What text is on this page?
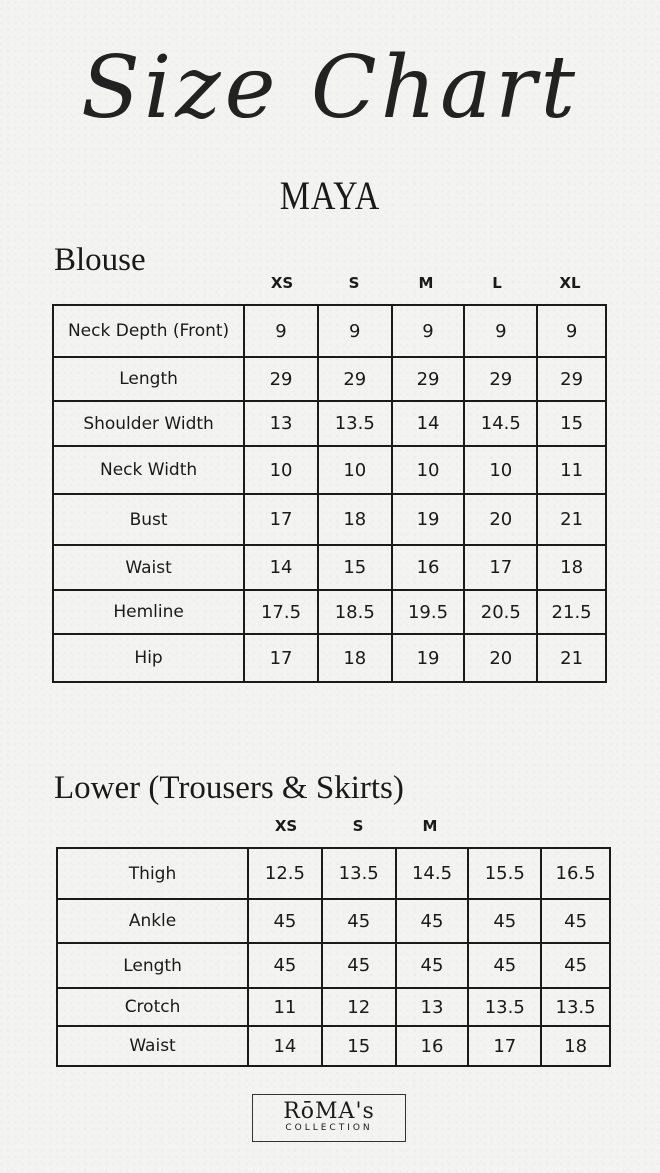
Size Chart
MAYA
Blouse
XS	S	M	L	XL
Neck Depth (Front)	9	9	9	9	9
Length	29	29	29	29	29
Shoulder Width	13	13.5	14	14.5	15
Neck Width	10	10	10	10	11
Bust	17	18	19	20	21
Waist	14	15	16	17	18
Hemline	17.5	18.5	19.5	20.5	21.5
Hip	17	18	19	20	21
Lower (Trousers & Skirts)
XS	S	M
Thigh	12.5	13.5	14.5	15.5	16.5
Ankle	45	45	45	45	45
Length	45	45	45	45	45
Crotch	11	12	13	13.5	13.5
Waist	14	15	16	17	18
RōMA's
COLLECTION
